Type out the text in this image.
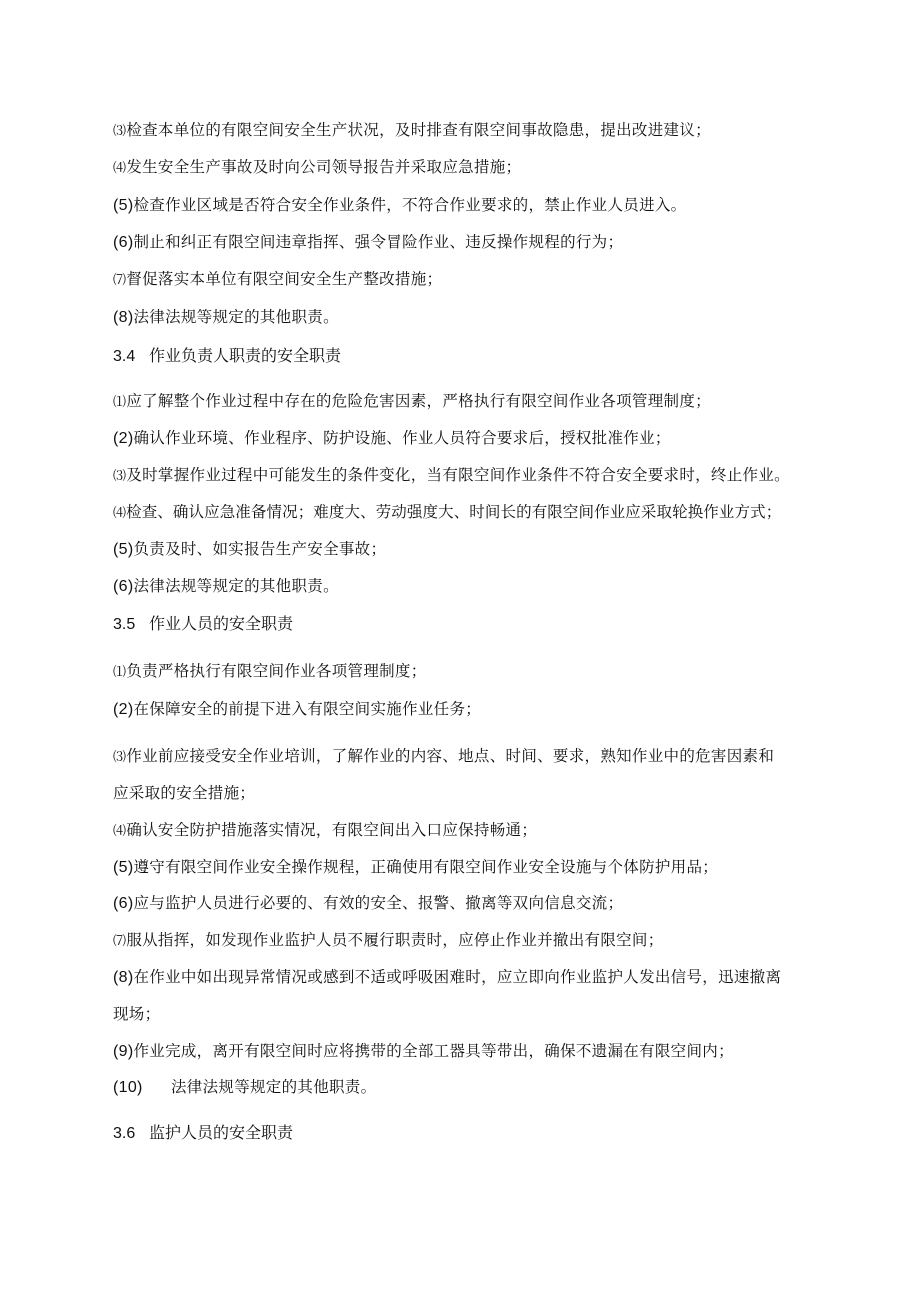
⑶检查本单位的有限空间安全生产状况，及时排查有限空间事故隐患，提出改进建议；
⑷发生安全生产事故及时向公司领导报告并采取应急措施；
(5)检查作业区域是否符合安全作业条件，不符合作业要求的，禁止作业人员进入。
(6)制止和纠正有限空间违章指挥、强令冒险作业、违反操作规程的行为；
⑺督促落实本单位有限空间安全生产整改措施；
(8)法律法规等规定的其他职责。
3.4 作业负责人职责的安全职责
⑴应了解整个作业过程中存在的危险危害因素，严格执行有限空间作业各项管理制度；
(2)确认作业环境、作业程序、防护设施、作业人员符合要求后，授权批准作业；
⑶及时掌握作业过程中可能发生的条件变化，当有限空间作业条件不符合安全要求时，终止作业。
⑷检查、确认应急准备情况；难度大、劳动强度大、时间长的有限空间作业应采取轮换作业方式；
(5)负责及时、如实报告生产安全事故；
(6)法律法规等规定的其他职责。
3.5 作业人员的安全职责
⑴负责严格执行有限空间作业各项管理制度；
(2)在保障安全的前提下进入有限空间实施作业任务；
⑶作业前应接受安全作业培训，了解作业的内容、地点、时间、要求，熟知作业中的危害因素和
应采取的安全措施；
⑷确认安全防护措施落实情况，有限空间出入口应保持畅通；
(5)遵守有限空间作业安全操作规程，正确使用有限空间作业安全设施与个体防护用品；
(6)应与监护人员进行必要的、有效的安全、报警、撤离等双向信息交流；
⑺服从指挥，如发现作业监护人员不履行职责时，应停止作业并撤出有限空间；
(8)在作业中如出现异常情况或感到不适或呼吸困难时，应立即向作业监护人发出信号，迅速撤离
现场；
(9)作业完成，离开有限空间时应将携带的全部工器具等带出，确保不遗漏在有限空间内；
(10) 法律法规等规定的其他职责。
3.6 监护人员的安全职责
